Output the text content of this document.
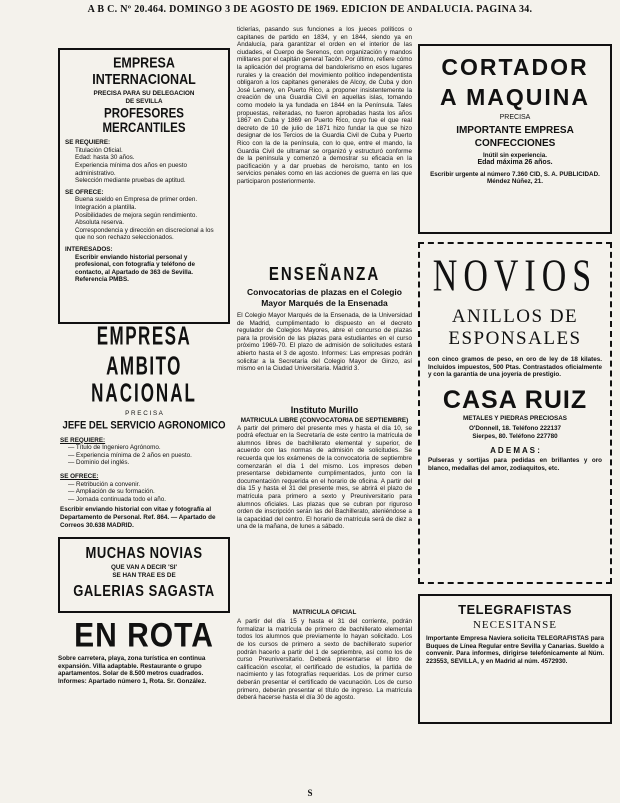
A B C. Nº 20.464. DOMINGO 3 DE AGOSTO DE 1969. EDICION DE ANDALUCIA. PAGINA 34.
EMPRESA INTERNACIONAL
PRECISA PARA SU DELEGACION
DE SEVILLA
PROFESORES MERCANTILES
SE REQUIERE:
Titulación Oficial.
Edad: hasta 30 años.
Experiencia mínima dos años en puesto administrativo.
Selección mediante pruebas de aptitud.
SE OFRECE:
Buena sueldo en Empresa de primer orden.
Integración a plantilla.
Posibilidades de mejora según rendimiento.
Absoluta reserva.
Correspondencia y dirección en discrecional a los que no son rechazo seleccionados.
INTERESADOS:
Escribir enviando historial personal y profesional, con fotografía y teléfono de contacto, al Apartado de 363 de Sevilla. Referencia PMBS.
EMPRESA AMBITO
NACIONAL
P R E C I S A
JEFE DEL SERVICIO AGRONOMICO
SE REQUIERE:
— Título de Ingeniero Agrónomo.
— Experiencia mínima de 2 años en puesto.
— Dominio del inglés.
SE OFRECE:
— Retribución a convenir.
— Ampliación de su formación.
— Jornada continuada todo el año.
Escribir enviando historial con vitae y fotografía al Departamento de Personal. Ref. 864. — Apartado de Correos 30.638 MADRID.
MUCHAS NOVIAS
QUE VAN A DECIR 'SI'
SE HAN TRAE ES DE
GALERIAS SAGASTA
EN ROTA
Sobre carretera, playa, zona turística en continua expansión. Villa adaptable. Restaurante o grupo apartamentos. Solar de 8.500 metros cuadrados. Informes: Apartado número 1, Rota. Sr. González.
ticlerías, pasando sus funciones a los jueces políticos o capitanes de partido en 1834, y en 1844, siendo ya en Andalucía, para garantizar el orden en el interior de las ciudades, el Cuerpo de Serenos, con organización y mandos militares por el capitán general Tacón. Por último, refiere cómo la aplicación del programa del bandolerismo en esos lugares rurales y la creación del movimiento político independentista obligaron a los capitanes generales de Alcoy, de Cuba y don José Lemery, en Puerto Rico, a proponer insistentemente la creación de una Guardia Civil en aquellas islas, tomando como modelo la ya fundada en 1844 en la Península. Tales propuestas, reiteradas, no fueron aprobadas hasta los años 1867 en Cuba y 1869 en Puerto Rico, cuyo fue el que real decreto de 10 de julio de 1871 hizo fundar la que se hizo designar de los Tercios de la Guardia Civil de Cuba y Puerto Rico con la de la península, con lo que, entre el mando, la Guardia Civil de ultramar se organizó y estructuró conforme de la península y comenzó a demostrar su eficacia en la pacificación y a dar pruebas de heroísmo, tanto en los servicios penales como en las acciones de guerra en las que participaron posteriormente.
ENSEÑANZA
Convocatorias de plazas en el Colegio Mayor Marqués de la Ensenada
El Colegio Mayor Marqués de la Ensenada, de la Universidad de Madrid, cumplimentado lo dispuesto en el decreto regulador de Colegios Mayores, abre el concurso de plazas para la provisión de las plazas para estudiantes en el curso próximo 1969-70. El plazo de admisión de solicitudes estará abierto hasta el 3 de agosto. Informes: Las empresas podrán solicitar a la Secretaría del Colegio Mayor de Ginzo, así mismo en la Ciudad Universitaria. Madrid 3.
Instituto Murillo
MATRICULA LIBRE (CONVOCATORIA DE SEPTIEMBRE)
A partir del primero del presente mes y hasta el día 10, se podrá efectuar en la Secretaría de este centro la matrícula de alumnos libres de bachillerato elemental y superior, de acuerdo con las normas de admisión de solicitudes. Se recuerda que los exámenes de la convocatoria de septiembre comenzarán el día 1 del mismo. Los impresos deben presentarse debidamente cumplimentados, junto con la documentación requerida en el horario de oficina. A partir del día 15 y hasta el 31 del presente mes, se abrirá el plazo de matrícula para primero a sexto y Preuniversitario para alumnos oficiales. Las plazas que se cubran por riguroso orden de inscripción serán las del Bachillerato, ateniéndose a la capacidad del centro. El horario de matrícula será de diez a una de la mañana, de lunes a sábado.
MATRICULA OFICIAL
A partir del día 15 y hasta el 31 del corriente, podrán formalizar la matrícula de primero de bachillerato elemental todos los alumnos que previamente lo hayan solicitado. Los de los cursos de primero a sexto de bachillerato superior podrán hacerlo a partir del 1 de septiembre, así como los de curso Preuniversitario. Deberá presentarse el libro de calificación escolar, el certificado de estudios, la partida de nacimiento y las fotografías requeridas. Los de primer curso deberán presentar el certificado de vacunación. Los de curso primero, deberán presentar el título de ingreso. La matrícula deberá hacerse hasta el día 30 de agosto.
CORTADOR
A MAQUINA
PRECISA
IMPORTANTE EMPRESA CONFECCIONES
Inútil sin experiencia.
Edad máxima 26 años.
Escribir urgente al número 7.360 CID, S. A. PUBLICIDAD. Méndez Núñez, 21.
NOVIOS
ANILLOS DE
ESPONSALES
con cinco gramos de peso, en oro de ley de 18 kilates. Incluidos impuestos, 500 Ptas. Contrastados oficialmente y con la garantía de una joyería de prestigio.
CASA RUIZ
METALES Y PIEDRAS PRECIOSAS
O'Donnell, 18. Teléfono 222137
Sierpes, 80. Teléfono 227780
A D E M A S :
Pulseras y sortijas para pedidas en brillantes y oro blanco, medallas del amor, zodiaquitos, etc.
TELEGRAFISTAS
NECESITANSE
Importante Empresa Naviera solicita TELEGRAFISTAS para Buques de Línea Regular entre Sevilla y Canarias. Sueldo a convenir. Para informes, dirigirse telefónicamente al Núm. 223553, SEVILLA, y en Madrid al núm. 4572930.
S
